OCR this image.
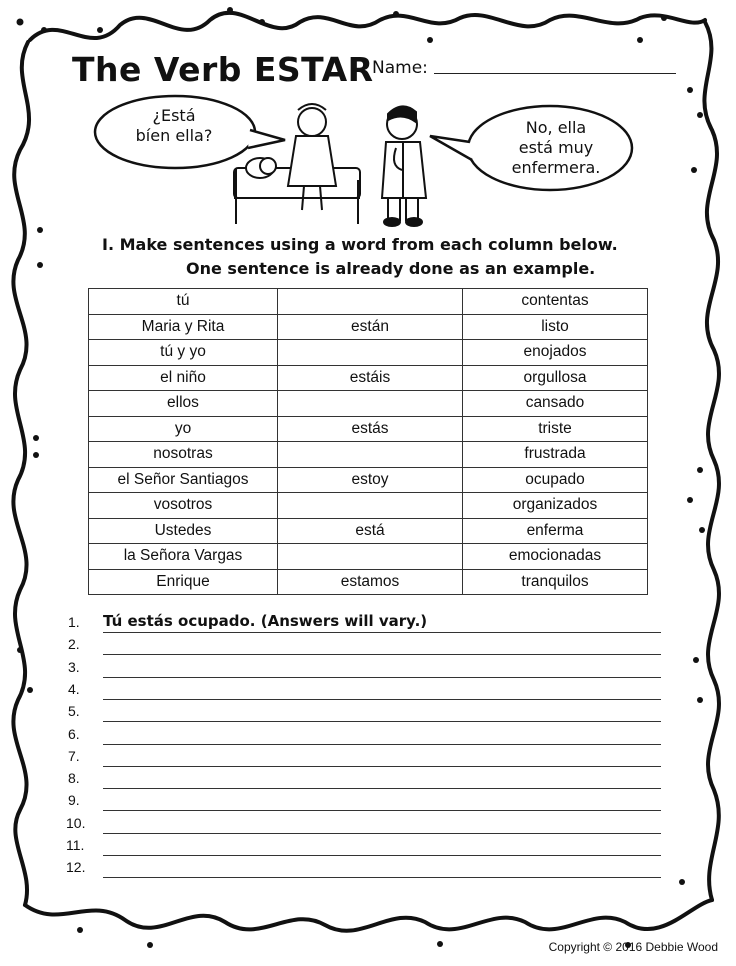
The Verb ESTAR
Name:
¿Está
bíen ella?	No, ella
está muy
enfermera.
I. Make sentences using a word from each column below.
One sentence is already done as an example.
tú		contentas
Maria y Rita	están	listo
tú y yo		enojados
el niño	estáis	orgullosa
ellos		cansado
yo	estás	triste
nosotras		frustrada
el Señor Santiagos	estoy	ocupado
vosotros		organizados
Ustedes	está	enferma
la Señora Vargas		emocionadas
Enrique	estamos	tranquilos
1. Tú estás ocupado. (Answers will vary.)
2.
3.
4.
5.
6.
7.
8.
9.
10.
11.
12.
Copyright © 2016 Debbie Wood
